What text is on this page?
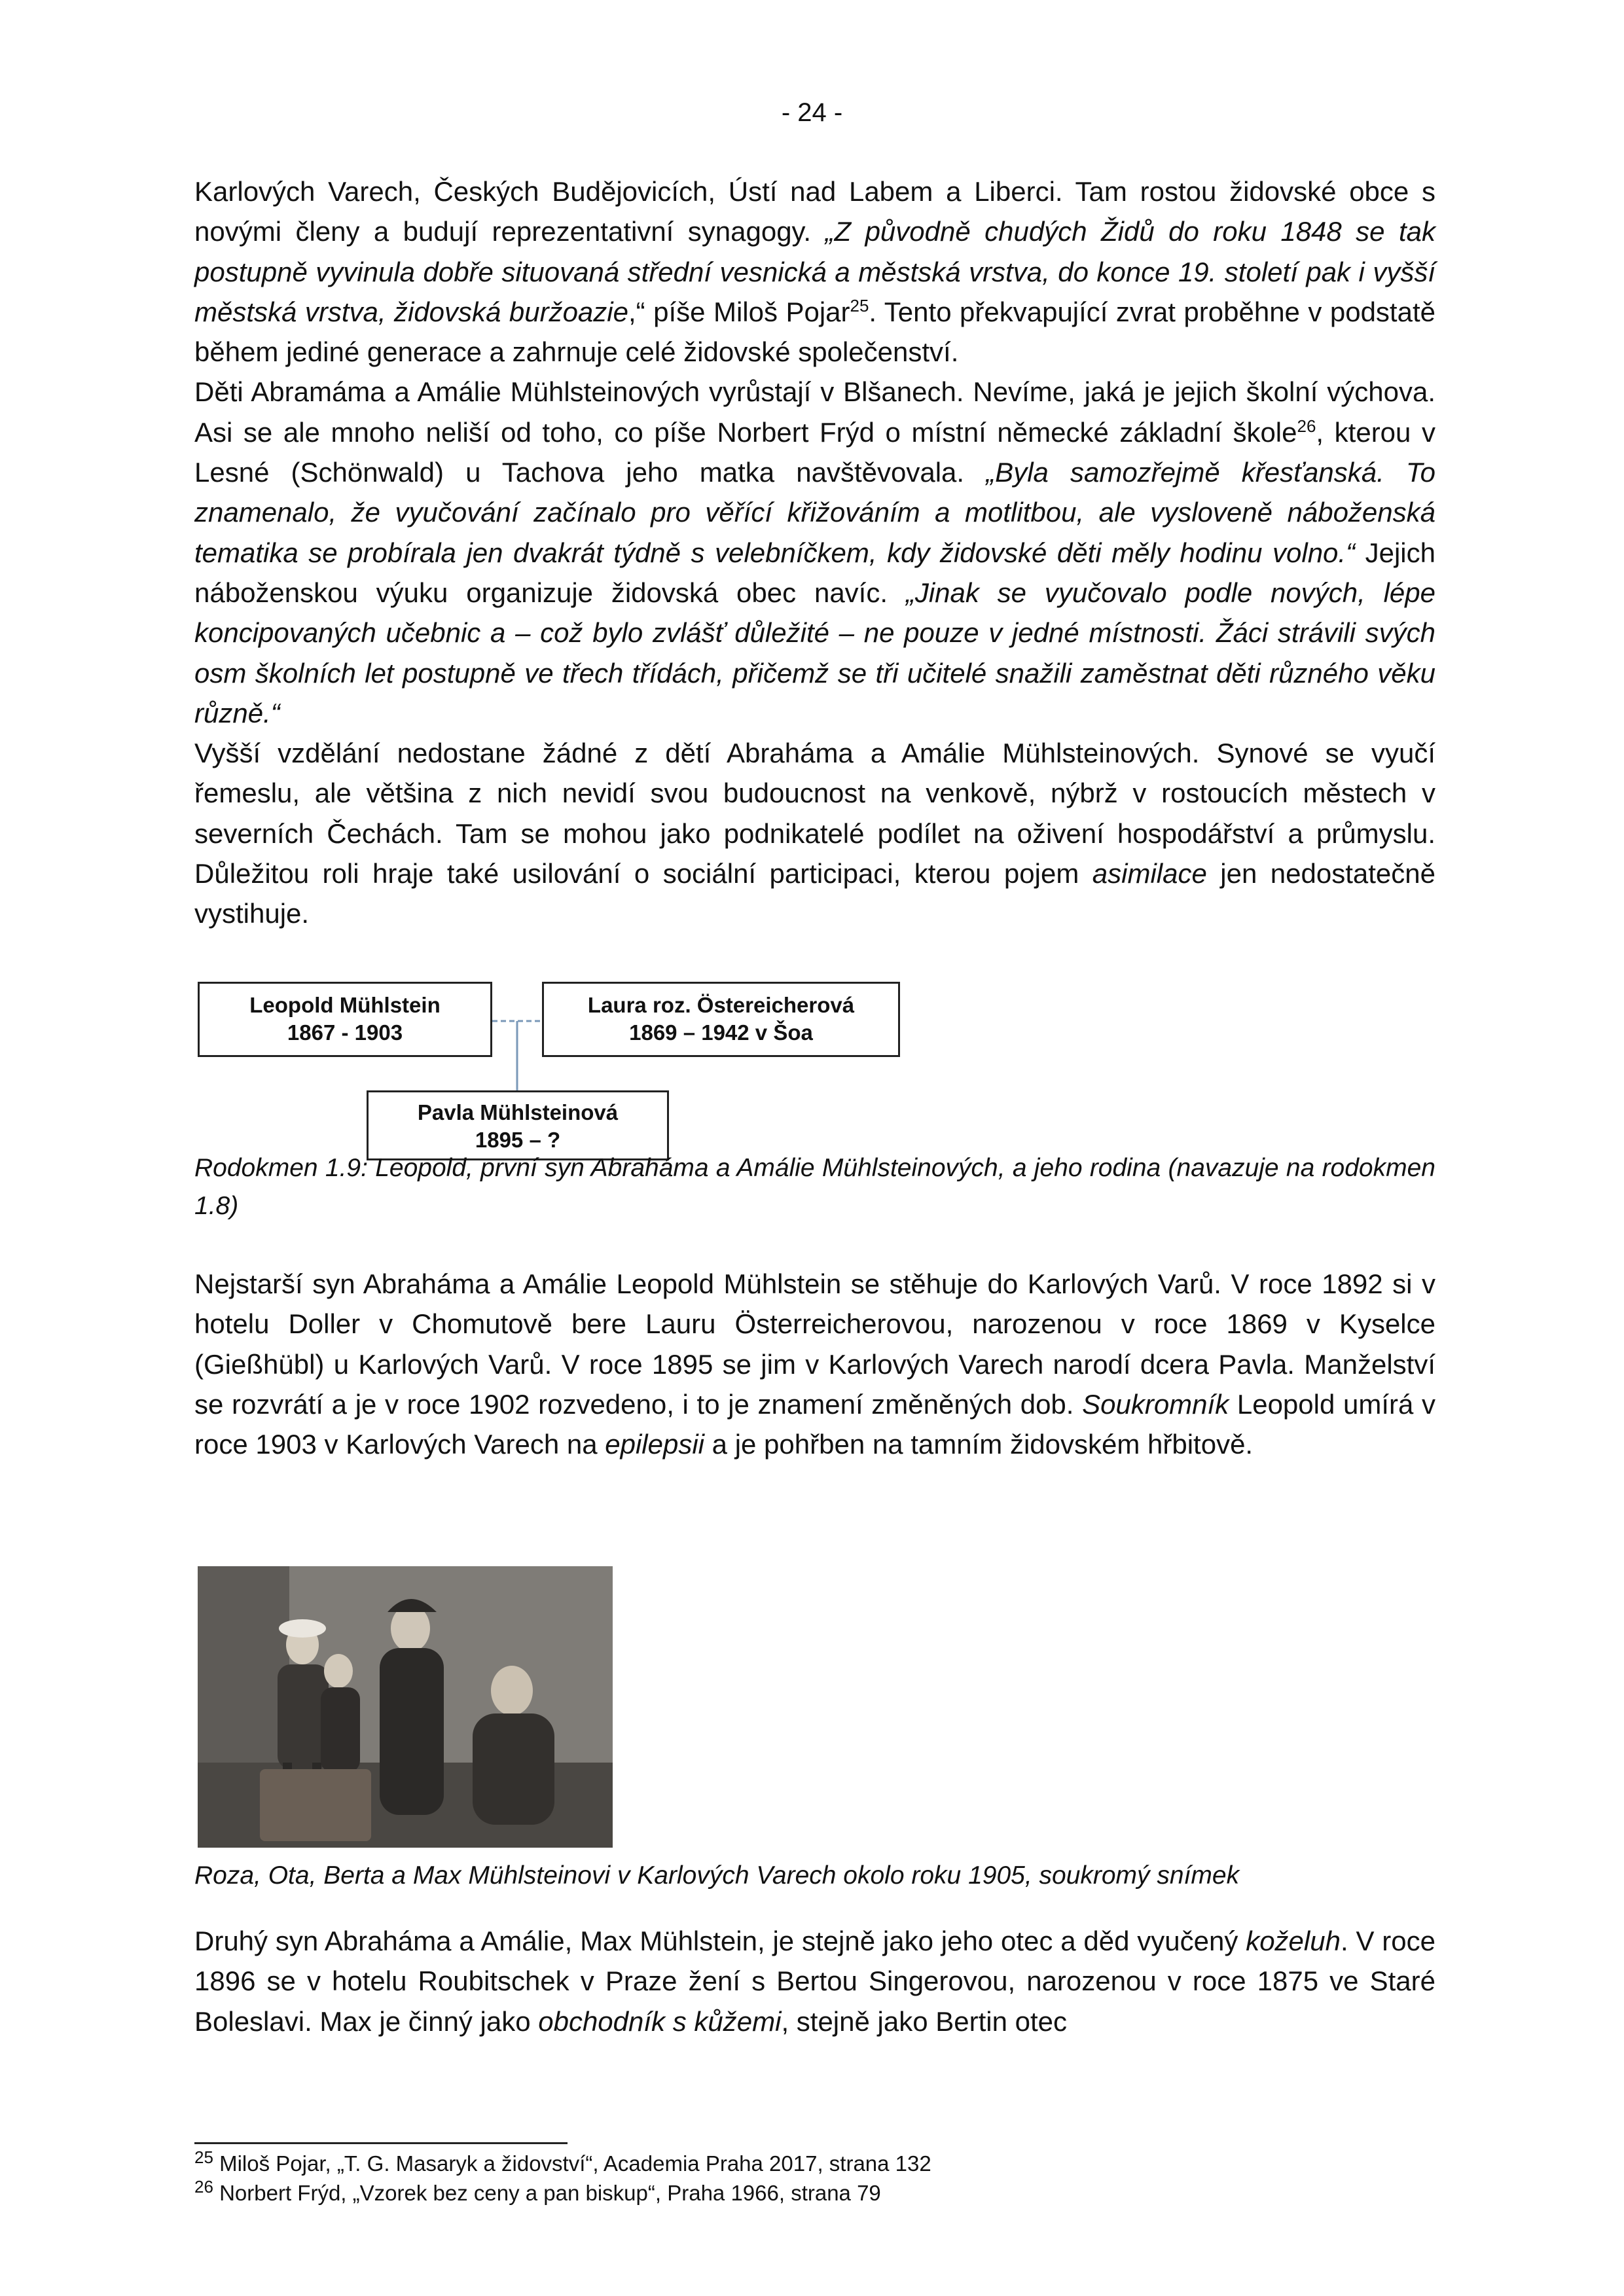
- 24 -

Karlových Varech, Českých Budějovicích, Ústí nad Labem a Liberci. Tam rostou židovské obce s novými členy a budují reprezentativní synagogy. „Z původně chudých Židů do roku 1848 se tak postupně vyvinula dobře situovaná střední vesnická a městská vrstva, do konce 19. století pak i vyšší městská vrstva, židovská buržoazie,“ píše Miloš Pojar$^{25}$. Tento překvapující zvrat proběhne v podstatě během jediné generace a zahrnuje celé židovské společenství.

Děti Abramáma a Amálie Mühlsteinových vyrůstají v Blšanech. Nevíme, jaká je jejich školní výchova. Asi se ale mnoho neliší od toho, co píše Norbert Frýd o místní německé základní škole$^{26}$, kterou v Lesné (Schönwald) u Tachova jeho matka navštěvovala. „Byla samozřejmě křesťanská. To znamenalo, že vyučování začínalo pro věřící křižováním a motlitbou, ale vysloveně náboženská tematika se probírala jen dvakrát týdně s velebníčkem, kdy židovské děti měly hodinu volno.“ Jejich náboženskou výuku organizuje židovská obec navíc. „Jinak se vyučovalo podle nových, lépe koncipovaných učebnic a – což bylo zvlášť důležité – ne pouze v jedné místnosti. Žáci strávili svých osm školních let postupně ve třech třídách, přičemž se tři učitelé snažili zaměstnat děti různého věku různě.“

Vyšší vzdělání nedostane žádné z dětí Abraháma a Amálie Mühlsteinových. Synové se vyučí řemeslu, ale většina z nich nevidí svou budoucnost na venkově, nýbrž v rostoucích městech v severních Čechách. Tam se mohou jako podnikatelé podílet na oživení hospodářství a průmyslu. Důležitou roli hraje také usilování o sociální participaci, kterou pojem asimilace jen nedostatečně vystihuje.

Leopold Mühlstein
1867 - 1903
Laura roz. Östereicherová
1869 – 1942 v Šoa
Pavla Mühlsteinová
1895 – ?
Rodokmen 1.9: Leopold, první syn Abraháma a Amálie Mühlsteinových, a jeho rodina (navazuje na rodokmen 1.8)

Nejstarší syn Abraháma a Amálie Leopold Mühlstein se stěhuje do Karlových Varů. V roce 1892 si v hotelu Doller v Chomutově bere Lauru Österreicherovou, narozenou v roce 1869 v Kyselce (Gießhübl) u Karlových Varů. V roce 1895 se jim v Karlových Varech narodí dcera Pavla. Manželství se rozvrátí a je v roce 1902 rozvedeno, i to je znamení změněných dob. Soukromník Leopold umírá v roce 1903 v Karlových Varech na epilepsii a je pohřben na tamním židovském hřbitově.

Roza, Ota, Berta a Max Mühlsteinovi v Karlových Varech okolo roku 1905, soukromý snímek

Druhý syn Abraháma a Amálie, Max Mühlstein, je stejně jako jeho otec a děd vyučený koželuh. V roce 1896 se v hotelu Roubitschek v Praze žení s Bertou Singerovou, narozenou v roce 1875 ve Staré Boleslavi. Max je činný jako obchodník s kůžemi, stejně jako Bertin otec

$^{25}$ Miloš Pojar, „T. G. Masaryk a židovství“, Academia Praha 2017, strana 132
$^{26}$ Norbert Frýd, „Vzorek bez ceny a pan biskup“, Praha 1966, strana 79
